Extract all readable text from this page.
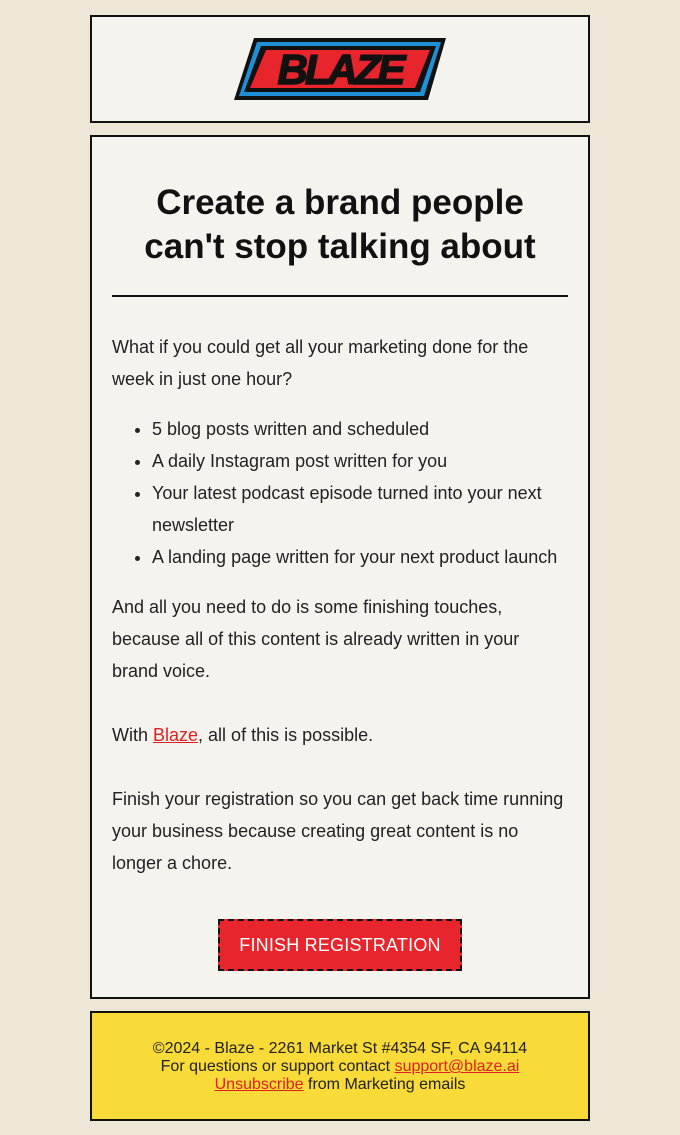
BLAZE
Create a brand people can't stop talking about

What if you could get all your marketing done for the week in just one hour?

• 5 blog posts written and scheduled
• A daily Instagram post written for you
• Your latest podcast episode turned into your next newsletter
• A landing page written for your next product launch

And all you need to do is some finishing touches, because all of this content is already written in your brand voice.

With Blaze, all of this is possible.

Finish your registration so you can get back time running your business because creating great content is no longer a chore.

FINISH REGISTRATION
©2024 - Blaze - 2261 Market St #4354 SF, CA 94114
For questions or support contact support@blaze.ai
Unsubscribe from Marketing emails
